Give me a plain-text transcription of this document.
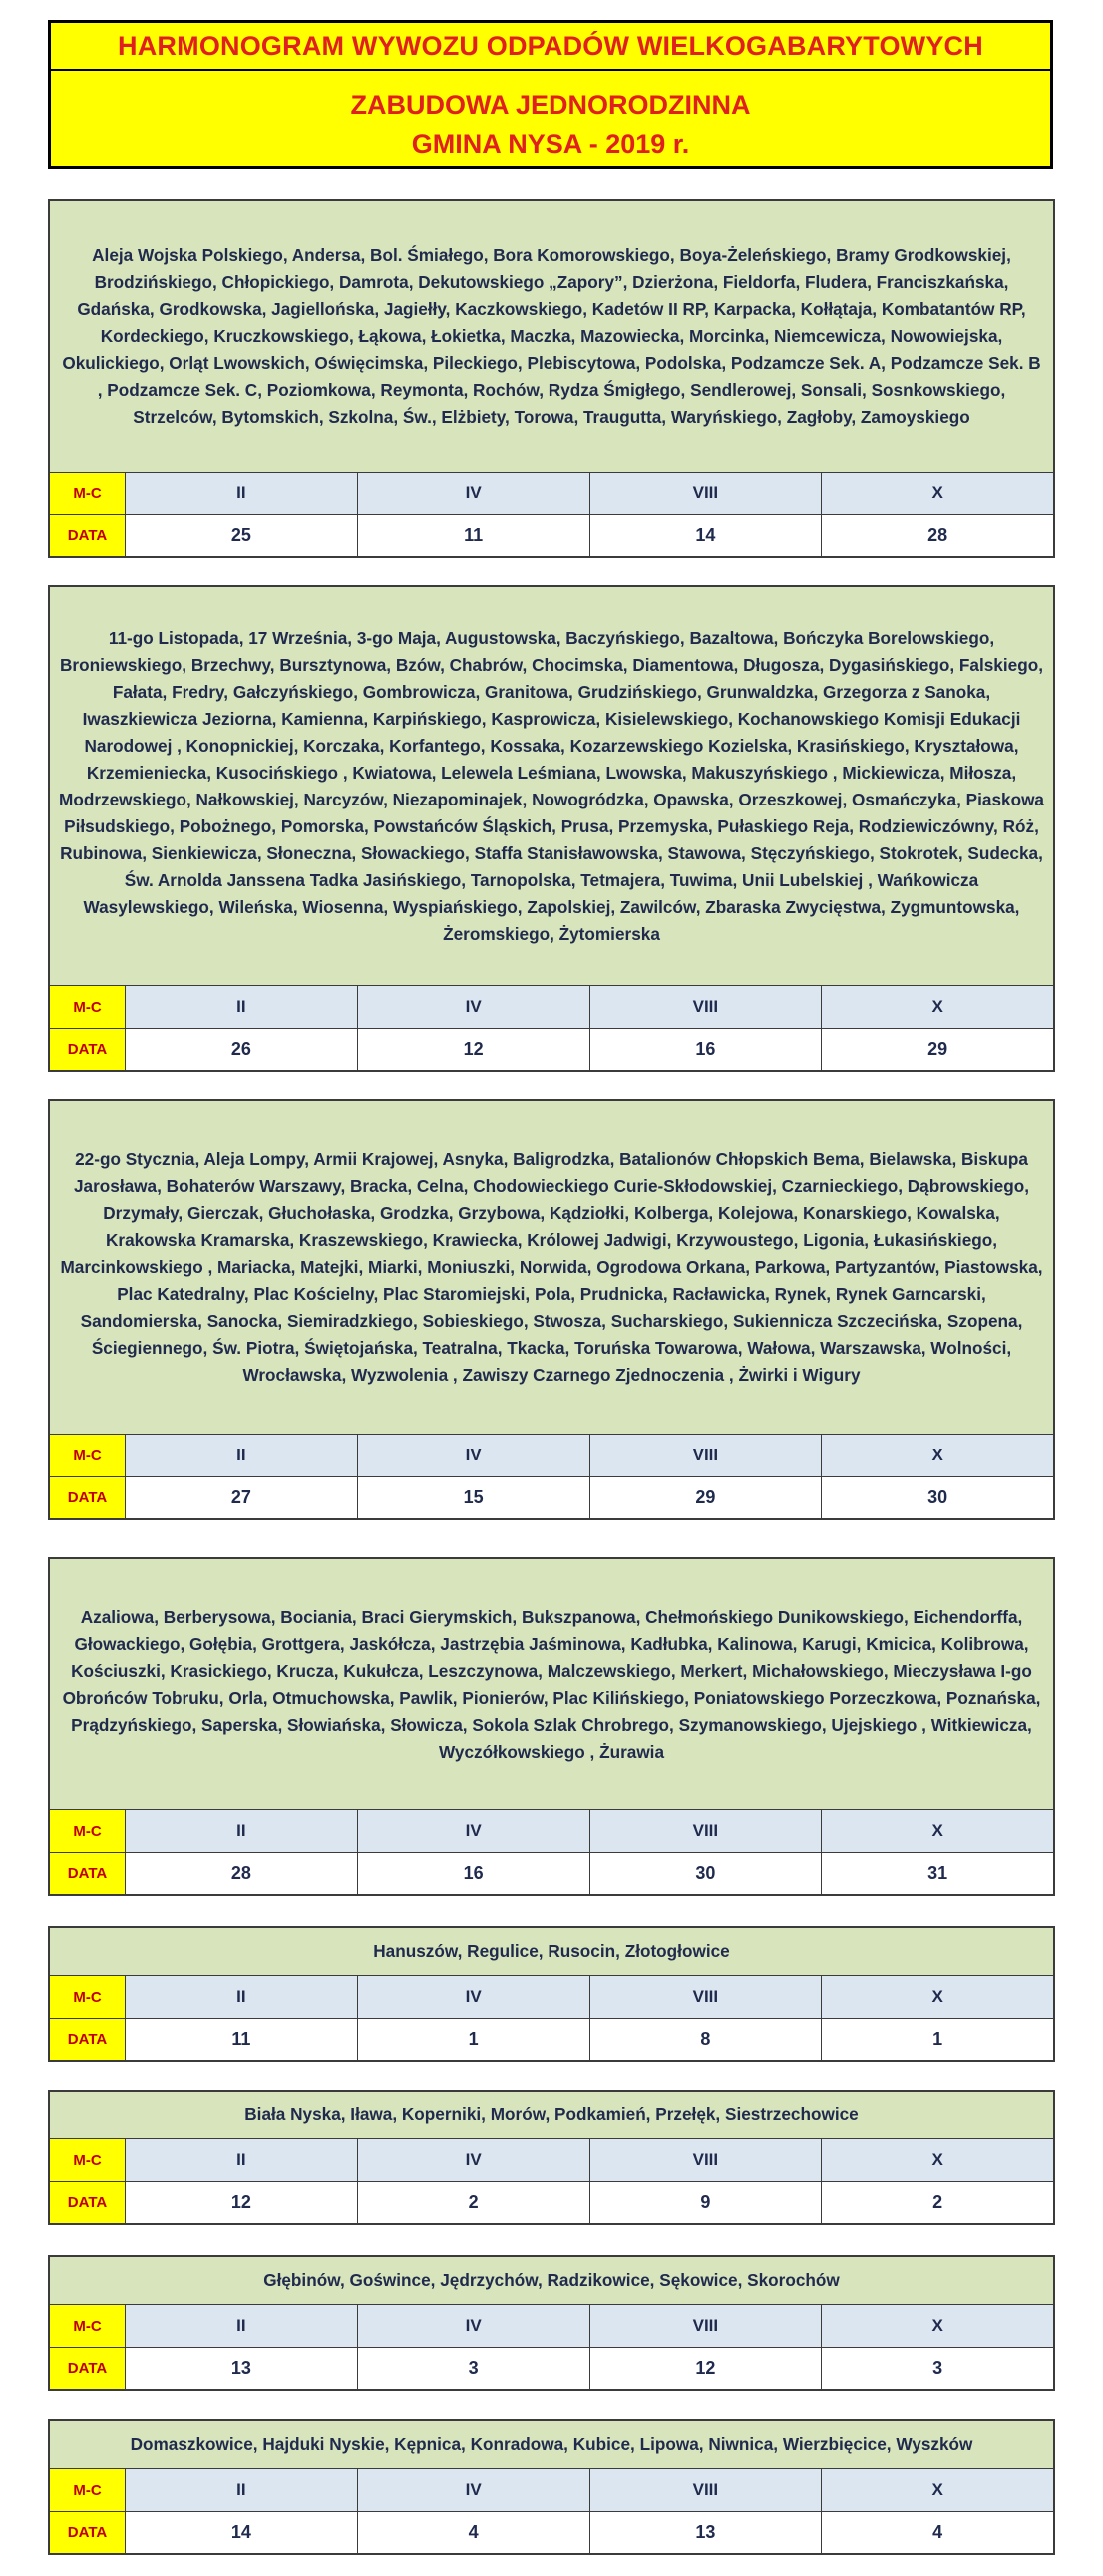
HARMONOGRAM WYWOZU ODPADÓW WIELKOGABARYTOWYCH
ZABUDOWA JEDNORODZINNA
GMINA NYSA - 2019 r.
Aleja Wojska Polskiego, Andersa, Bol. Śmiałego, Bora Komorowskiego, Boya-Żeleńskiego, Bramy Grodkowskiej, Brodzińskiego, Chłopickiego, Damrota, Dekutowskiego „Zapory”, Dzierżona, Fieldorfa, Fludera, Franciszkańska, Gdańska, Grodkowska, Jagiellońska, Jagiełły, Kaczkowskiego, Kadetów II RP, Karpacka, Kołłątaja, Kombatantów RP, Kordeckiego, Kruczkowskiego, Łąkowa, Łokietka, Maczka, Mazowiecka, Morcinka, Niemcewicza, Nowowiejska, Okulickiego, Orląt Lwowskich, Oświęcimska, Pileckiego, Plebiscytowa, Podolska, Podzamcze Sek. A, Podzamcze Sek. B , Podzamcze Sek. C, Poziomkowa, Reymonta, Rochów, Rydza Śmigłego, Sendlerowej, Sonsali, Sosnkowskiego, Strzelców, Bytomskich, Szkolna, Św., Elżbiety, Torowa, Traugutta, Waryńskiego, Zagłoby, Zamoyskiego
M-C	II	IV	VIII	X
DATA	25	11	14	28
11-go Listopada, 17 Września, 3-go Maja, Augustowska, Baczyńskiego, Bazaltowa, Bończyka Borelowskiego, Broniewskiego, Brzechwy, Bursztynowa, Bzów, Chabrów, Chocimska, Diamentowa, Długosza, Dygasińskiego, Falskiego, Fałata, Fredry, Gałczyńskiego, Gombrowicza, Granitowa, Grudzińskiego, Grunwaldzka, Grzegorza z Sanoka, Iwaszkiewicza Jeziorna, Kamienna, Karpińskiego, Kasprowicza, Kisielewskiego, Kochanowskiego Komisji Edukacji Narodowej , Konopnickiej, Korczaka, Korfantego, Kossaka, Kozarzewskiego Kozielska, Krasińskiego, Kryształowa, Krzemieniecka, Kusocińskiego , Kwiatowa, Lelewela Leśmiana, Lwowska, Makuszyńskiego , Mickiewicza, Miłosza, Modrzewskiego, Nałkowskiej, Narcyzów, Niezapominajek, Nowogródzka, Opawska, Orzeszkowej, Osmańczyka, Piaskowa Piłsudskiego, Pobożnego, Pomorska, Powstańców Śląskich, Prusa, Przemyska, Pułaskiego Reja, Rodziewiczówny, Róż, Rubinowa, Sienkiewicza, Słoneczna, Słowackiego, Staffa Stanisławowska, Stawowa, Stęczyńskiego, Stokrotek, Sudecka, Św. Arnolda Janssena Tadka Jasińskiego, Tarnopolska, Tetmajera, Tuwima, Unii Lubelskiej , Wańkowicza Wasylewskiego, Wileńska, Wiosenna, Wyspiańskiego, Zapolskiej, Zawilców, Zbaraska Zwycięstwa, Zygmuntowska, Żeromskiego, Żytomierska
M-C	II	IV	VIII	X
DATA	26	12	16	29
22-go Stycznia, Aleja Lompy, Armii Krajowej, Asnyka, Baligrodzka, Batalionów Chłopskich Bema, Bielawska, Biskupa Jarosława, Bohaterów Warszawy, Bracka, Celna, Chodowieckiego Curie-Skłodowskiej, Czarnieckiego, Dąbrowskiego, Drzymały, Gierczak, Głuchołaska, Grodzka, Grzybowa, Kądziołki, Kolberga, Kolejowa, Konarskiego, Kowalska, Krakowska Kramarska, Kraszewskiego, Krawiecka, Królowej Jadwigi, Krzywoustego, Ligonia, Łukasińskiego, Marcinkowskiego , Mariacka, Matejki, Miarki, Moniuszki, Norwida, Ogrodowa Orkana, Parkowa, Partyzantów, Piastowska, Plac Katedralny, Plac Kościelny, Plac Staromiejski, Pola, Prudnicka, Racławicka, Rynek, Rynek Garncarski, Sandomierska, Sanocka, Siemiradzkiego, Sobieskiego, Stwosza, Sucharskiego, Sukiennicza Szczecińska, Szopena, Ściegiennego, Św. Piotra, Świętojańska, Teatralna, Tkacka, Toruńska Towarowa, Wałowa, Warszawska, Wolności, Wrocławska, Wyzwolenia , Zawiszy Czarnego Zjednoczenia , Żwirki i Wigury
M-C	II	IV	VIII	X
DATA	27	15	29	30
Azaliowa, Berberysowa, Bociania, Braci Gierymskich, Bukszpanowa, Chełmońskiego Dunikowskiego, Eichendorffa, Głowackiego, Gołębia, Grottgera, Jaskółcza, Jastrzębia Jaśminowa, Kadłubka, Kalinowa, Karugi, Kmicica, Kolibrowa, Kościuszki, Krasickiego, Krucza, Kukułcza, Leszczynowa, Malczewskiego, Merkert, Michałowskiego, Mieczysława I-go Obrońców Tobruku, Orla, Otmuchowska, Pawlik, Pionierów, Plac Kilińskiego, Poniatowskiego Porzeczkowa, Poznańska, Prądzyńskiego, Saperska, Słowiańska, Słowicza, Sokola Szlak Chrobrego, Szymanowskiego, Ujejskiego , Witkiewicza, Wyczółkowskiego , Żurawia
M-C	II	IV	VIII	X
DATA	28	16	30	31
Hanuszów, Regulice, Rusocin, Złotogłowice
M-C	II	IV	VIII	X
DATA	11	1	8	1
Biała Nyska, Iława, Koperniki, Morów, Podkamień, Przełęk, Siestrzechowice
M-C	II	IV	VIII	X
DATA	12	2	9	2
Głębinów, Gośwince, Jędrzychów, Radzikowice, Sękowice, Skorochów
M-C	II	IV	VIII	X
DATA	13	3	12	3
Domaszkowice, Hajduki Nyskie, Kępnica, Konradowa, Kubice, Lipowa, Niwnica, Wierzbięcice, Wyszków
M-C	II	IV	VIII	X
DATA	14	4	13	4
